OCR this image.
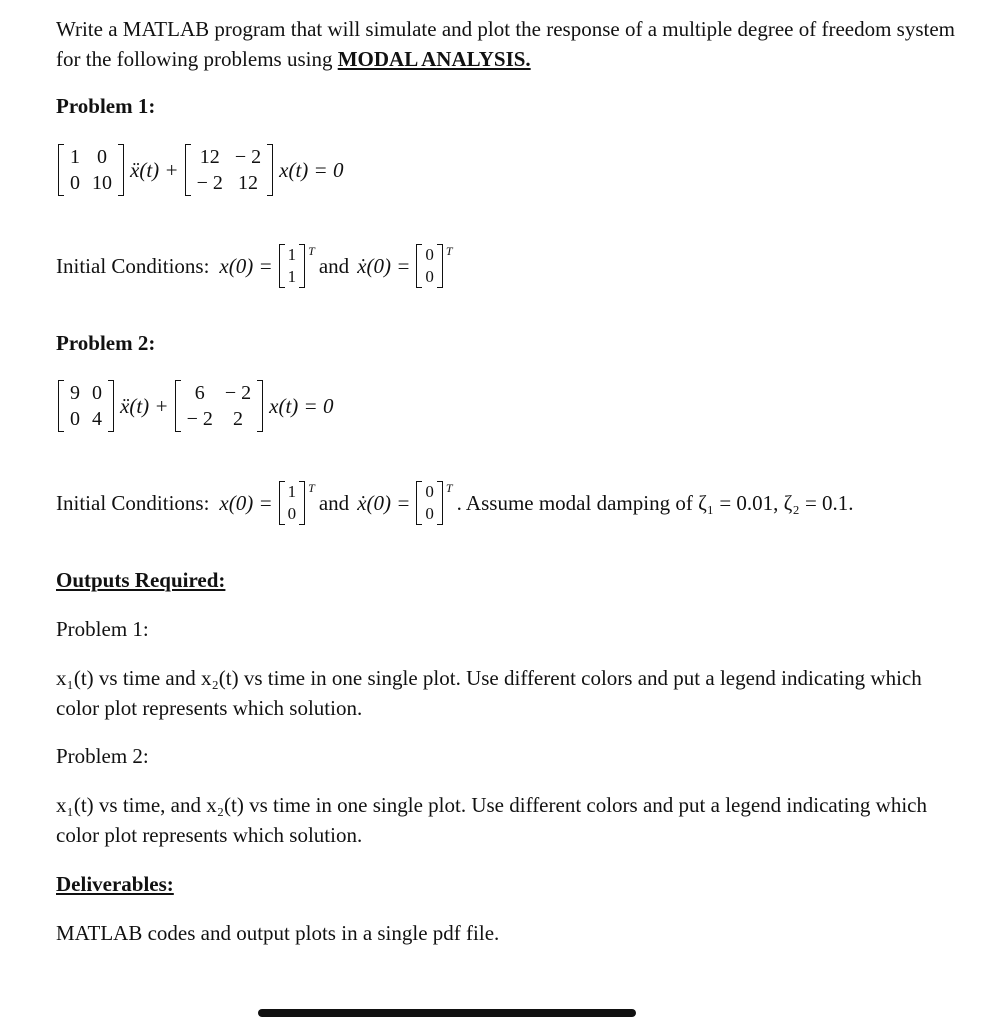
Write a MATLAB program that will simulate and plot the response of a multiple degree of freedom system for the following problems using MODAL ANALYSIS.
Problem 1:
1	0
0	10
ẍ(t) +
12	− 2
− 2	12
x(t) = 0
Initial Conditions: x(0) = 1
1
T
and ẋ(0) = 0
0
T
Problem 2:
9	0
0	4
ẍ(t) +
6	− 2
− 2	2
x(t) = 0
Initial Conditions: x(0) = 1
0
T
and ẋ(0) = 0
0
T
. Assume modal damping of ζ₁ = 0.01, ζ₂ = 0.1.
Outputs Required:
Problem 1:
x₁(t) vs time and x₂(t) vs time in one single plot. Use different colors and put a legend indicating which color plot represents which solution.
Problem 2:
x₁(t) vs time, and x₂(t) vs time in one single plot. Use different colors and put a legend indicating which color plot represents which solution.
Deliverables:
MATLAB codes and output plots in a single pdf file.
